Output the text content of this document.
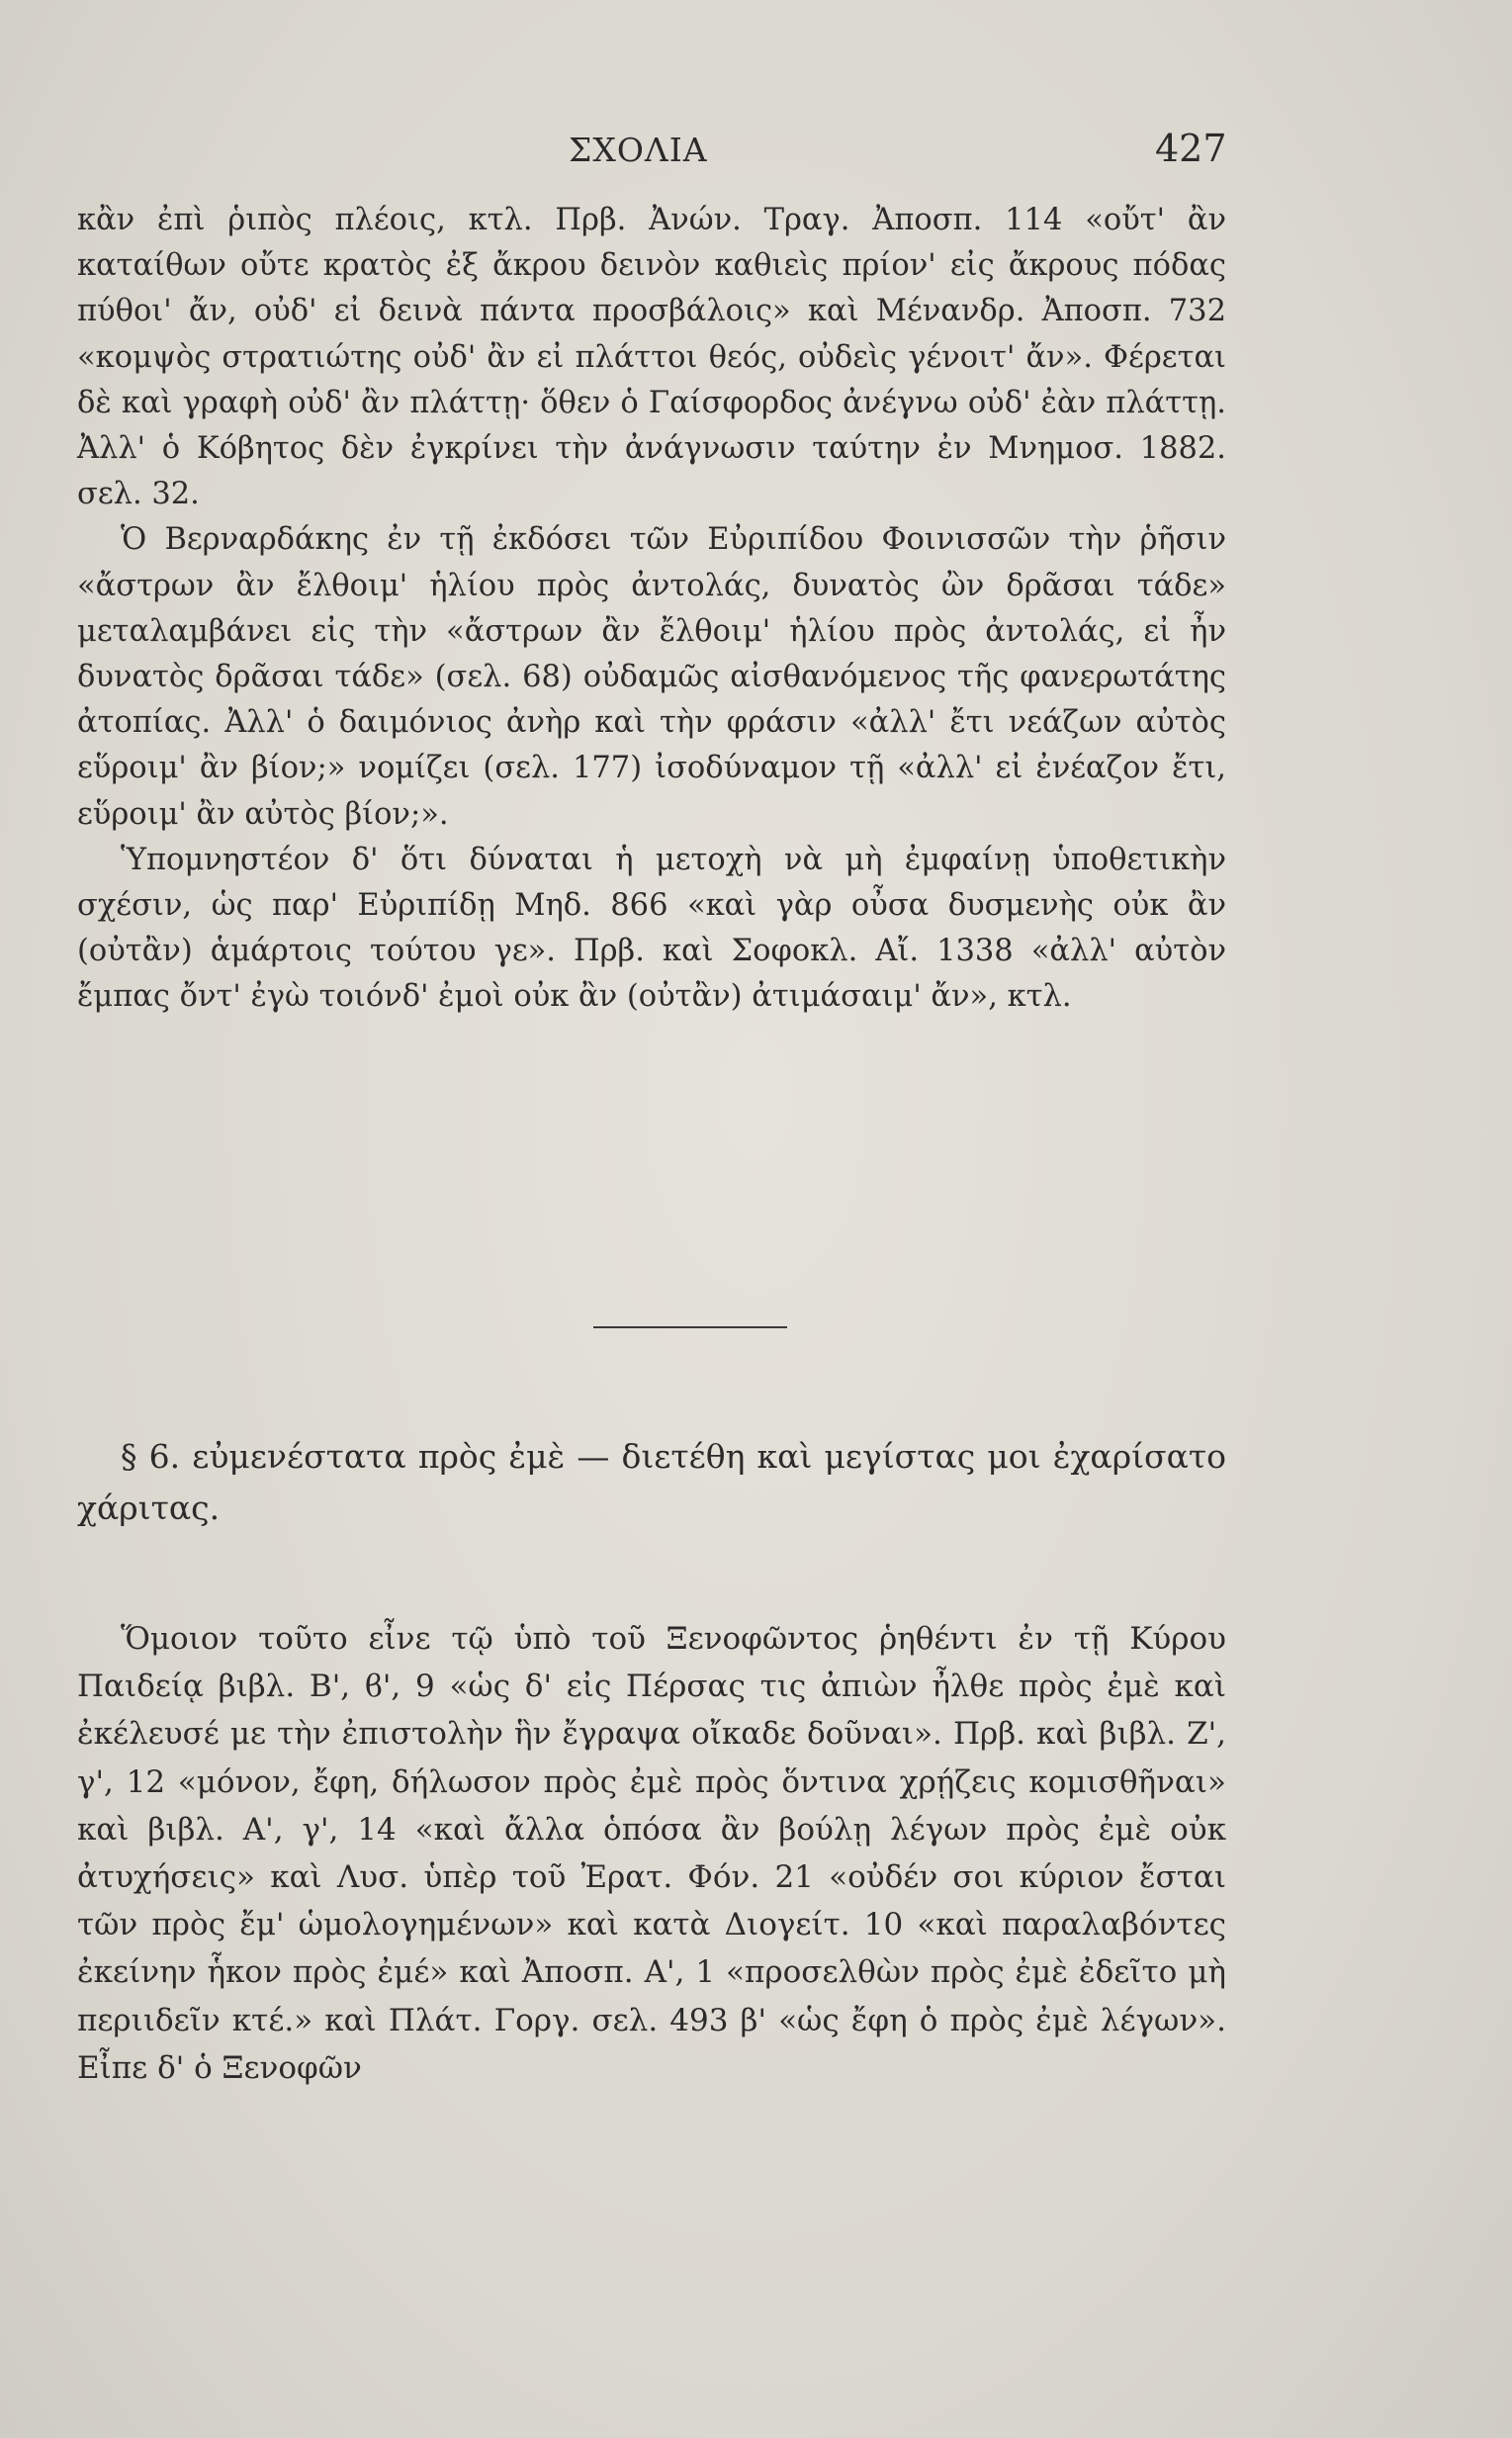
ΣΧΟΛΙΑ	427

κἂν ἐπὶ ῥιπὸς πλέοις, κτλ. Πρβ. Ἀνών. Τραγ. Ἀποσπ. 114 «οὔτ' ἂν καταίθων οὔτε κρατὸς ἐξ ἄκρου δεινὸν καθιεὶς πρίον' εἰς ἄκρους πόδας πύθοι' ἄν, οὐδ' εἰ δεινὰ πάντα προσβάλοις» καὶ Μένανδρ. Ἀποσπ. 732 «κομψὸς στρατιώτης οὐδ' ἂν εἰ πλάττοι θεός, οὐδεὶς γένοιτ' ἄν». Φέρεται δὲ καὶ γραφὴ οὐδ' ἂν πλάττῃ· ὅθεν ὁ Γαίσφορδος ἀνέγνω οὐδ' ἐὰν πλάττῃ. Ἀλλ' ὁ Κόβητος δὲν ἐγκρίνει τὴν ἀνάγνωσιν ταύτην ἐν Μνημοσ. 1882. σελ. 32.

Ὁ Βερναρδάκης ἐν τῇ ἐκδόσει τῶν Εὐριπίδου Φοινισσῶν τὴν ῥῆσιν «ἄστρων ἂν ἔλθοιμ' ἡλίου πρὸς ἀντολάς, δυνατὸς ὢν δρᾶσαι τάδε» μεταλαμβάνει εἰς τὴν «ἄστρων ἂν ἔλθοιμ' ἡλίου πρὸς ἀντολάς, εἰ ἦν δυνατὸς δρᾶσαι τάδε» (σελ. 68) οὐδαμῶς αἰσθανόμενος τῆς φανερωτάτης ἀτοπίας. Ἀλλ' ὁ δαιμόνιος ἀνὴρ καὶ τὴν φράσιν «ἀλλ' ἔτι νεάζων αὐτὸς εὕροιμ' ἂν βίον;» νομίζει (σελ. 177) ἰσοδύναμον τῇ «ἀλλ' εἰ ἐνέαζον ἔτι, εὕροιμ' ἂν αὐτὸς βίον;».

Ὑπομνηστέον δ' ὅτι δύναται ἡ μετοχὴ νὰ μὴ ἐμφαίνῃ ὑποθετικὴν σχέσιν, ὡς παρ' Εὐριπίδῃ Μηδ. 866 «καὶ γὰρ οὖσα δυσμενὴς οὐκ ἂν (οὐτἂν) ἁμάρτοις τούτου γε». Πρβ. καὶ Σοφοκλ. Αἴ. 1338 «ἀλλ' αὐτὸν ἔμπας ὄντ' ἐγὼ τοιόνδ' ἐμοὶ οὐκ ἂν (οὐτἂν) ἀτιμάσαιμ' ἄν», κτλ.

§ 6. εὐμενέστατα πρὸς ἐμὲ — διετέθη καὶ μεγίστας μοι ἐχαρίσατο χάριτας.

Ὅμοιον τοῦτο εἶνε τῷ ὑπὸ τοῦ Ξενοφῶντος ῥηθέντι ἐν τῇ Κύρου Παιδείᾳ βιβλ. Β', ϐ', 9 «ὡς δ' εἰς Πέρσας τις ἀπιὼν ἦλθε πρὸς ἐμὲ καὶ ἐκέλευσέ με τὴν ἐπιστολὴν ἣν ἔγραψα οἴκαδε δοῦναι». Πρβ. καὶ βιβλ. Ζ', γ', 12 «μόνον, ἔφη, δήλωσον πρὸς ἐμὲ πρὸς ὅντινα χρῄζεις κομισθῆναι» καὶ βιβλ. Α', γ', 14 «καὶ ἄλλα ὁπόσα ἂν βούλῃ λέγων πρὸς ἐμὲ οὐκ ἀτυχήσεις» καὶ Λυσ. ὑπὲρ τοῦ Ἐρατ. Φόν. 21 «οὐδέν σοι κύριον ἔσται τῶν πρὸς ἔμ' ὡμολογημένων» καὶ κατὰ Διογείτ. 10 «καὶ παραλαβόντες ἐκείνην ἧκον πρὸς ἐμέ» καὶ Ἀποσπ. Α', 1 «προσελθὼν πρὸς ἐμὲ ἐδεῖτο μὴ περιιδεῖν κτέ.» καὶ Πλάτ. Γοργ. σελ. 493 β' «ὡς ἔφη ὁ πρὸς ἐμὲ λέγων». Εἶπε δ' ὁ Ξενοφῶν
